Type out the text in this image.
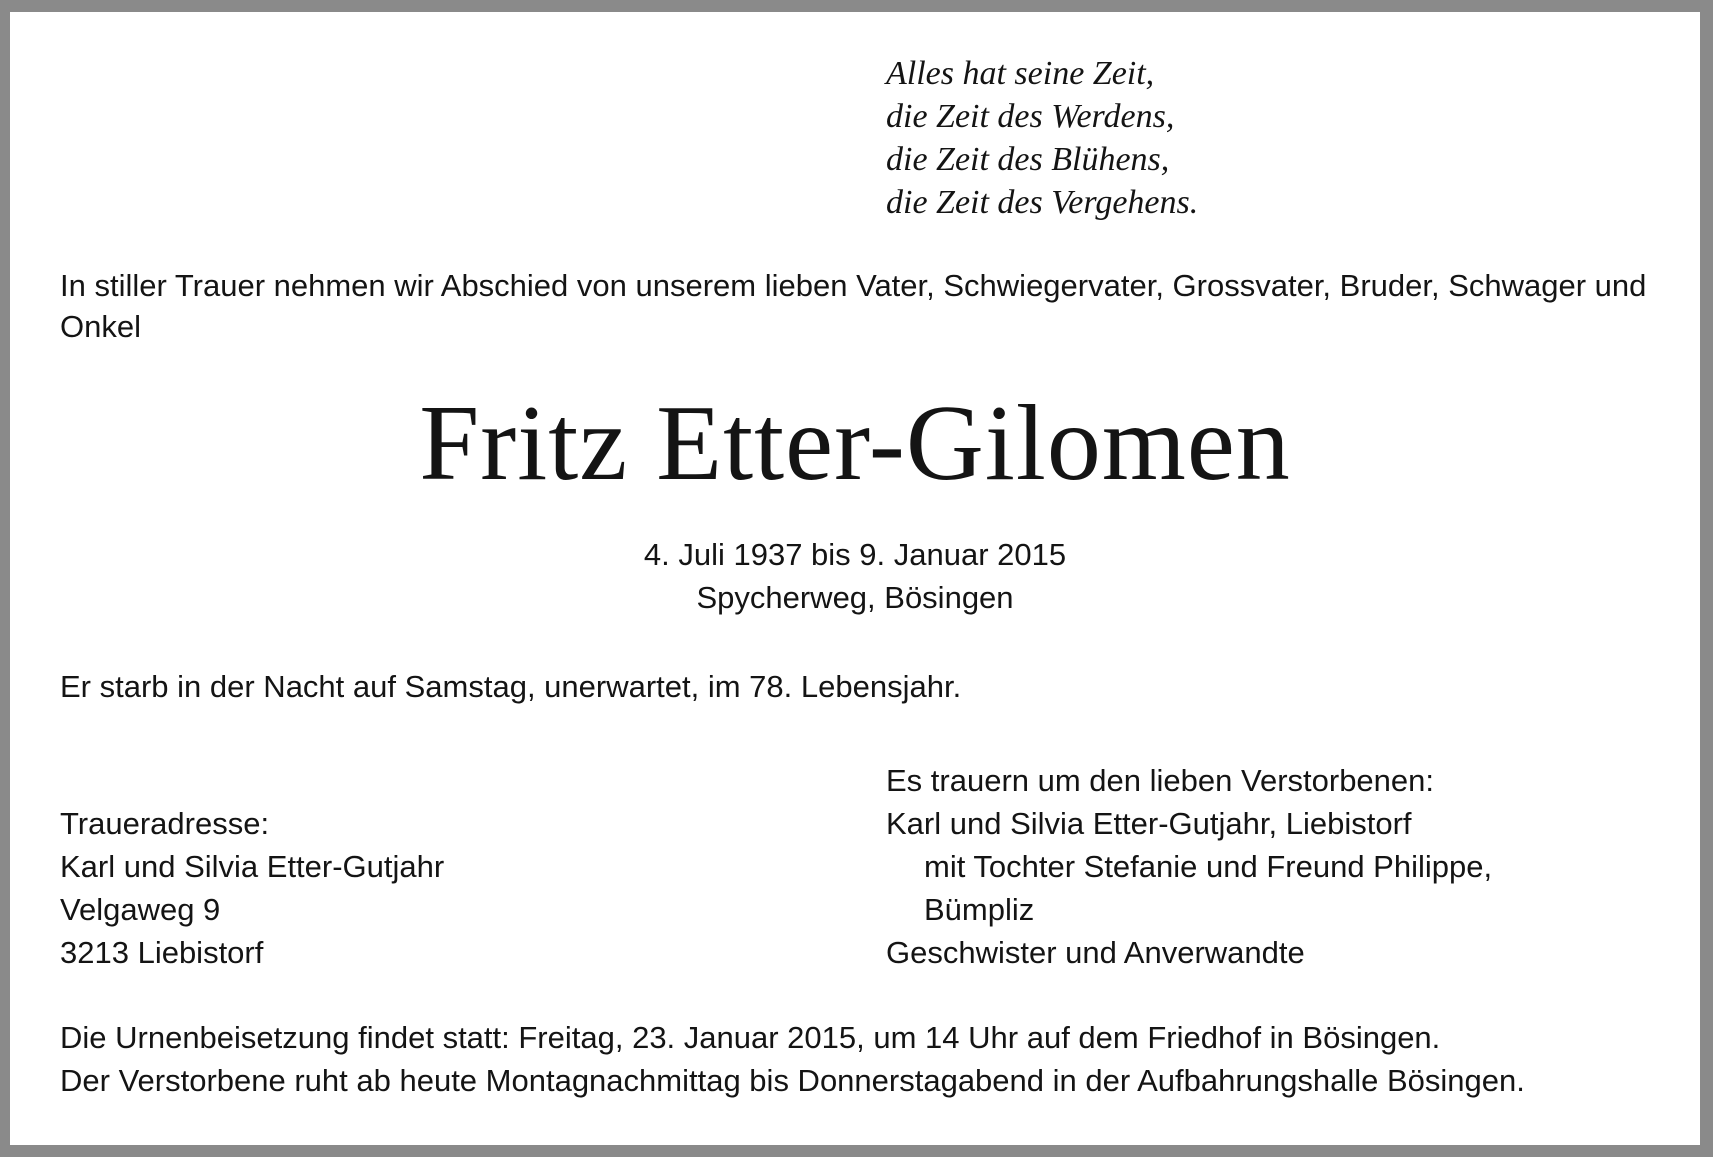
Alles hat seine Zeit,
die Zeit des Werdens,
die Zeit des Blühens,
die Zeit des Vergehens.
In stiller Trauer nehmen wir Abschied von unserem lieben Vater, Schwiegervater, Grossvater, Bruder, Schwager und Onkel
Fritz Etter-Gilomen
4. Juli 1937 bis 9. Januar 2015
Spycherweg, Bösingen
Er starb in der Nacht auf Samstag, unerwartet, im 78. Lebensjahr.
Traueradresse:
Karl und Silvia Etter-Gutjahr
Velgaweg 9
3213 Liebistorf
Es trauern um den lieben Verstorbenen:
Karl und Silvia Etter-Gutjahr, Liebistorf
mit Tochter Stefanie und Freund Philippe,
Bümpliz
Geschwister und Anverwandte
Die Urnenbeisetzung findet statt: Freitag, 23. Januar 2015, um 14 Uhr auf dem Friedhof in Bösingen.
Der Verstorbene ruht ab heute Montagnachmittag bis Donnerstagabend in der Aufbahrungshalle Bösingen.
